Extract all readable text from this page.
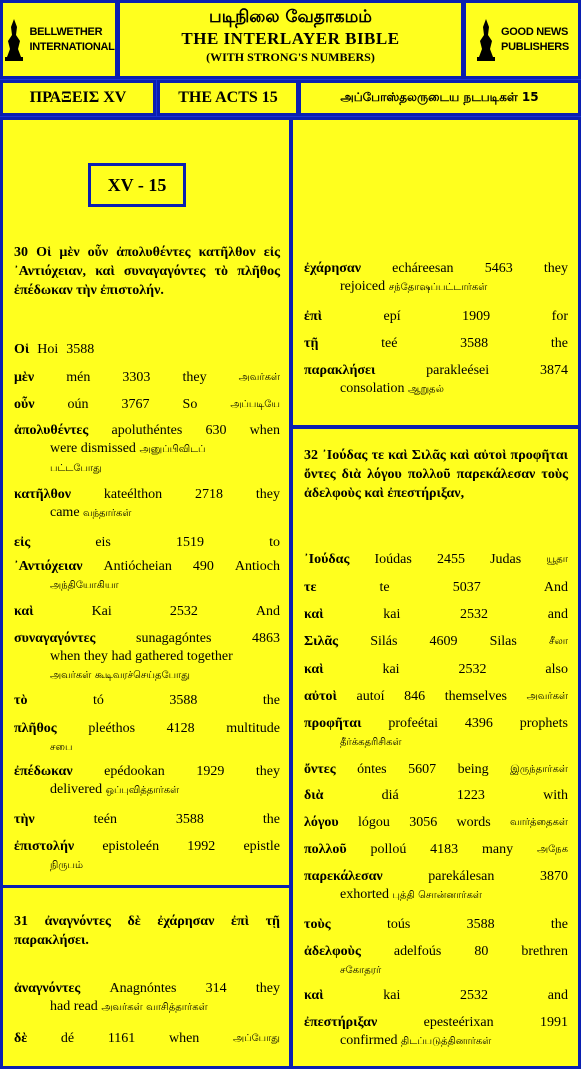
BELLWETHER
INTERNATIONAL
படிநிலை வேதாகமம்
THE INTERLAYER BIBLE
(WITH STRONG'S NUMBERS)
GOOD NEWS
PUBLISHERS
ΠΡΑΞΕΙΣ XV	THE ACTS 15	அப்போஸ்தலருடைய நடபடிகள் 15
XV - 15
30 Οἱ μὲν οὖν ἀπολυθέντες κατῆλθον εἰς ᾿Αντιόχειαν, καὶ συναγαγόντες τὸ πλῆθος ἐπέδωκαν τὴν ἐπιστολήν.
Οἱ Hoi 3588
μὲν mén 3303 they	அவர்கள்
οὖν oún 3767 So	அப்படியே
ἀπολυθέντες apoluthéntes 630 when
were dismissed அனுப்பிவிடப்
பட்டபோது
κατῆλθον kateélthon 2718 they
came வந்தார்கள்
εἰς	eis	1519	to
᾿Αντιόχειαν Antiócheian 490 Antioch
அந்தியோகியா
καὶ	Kai	2532	And
συναγαγόντες	sunagagóntes	4863
when they had gathered together
அவர்கள் கூடிவரச்செய்தபோது
τὸ	tó	3588	the
πλῆθος pleéthos 4128 multitude
சபை
ἐπέδωκαν epédookan 1929 they
delivered ஒப்புவித்தார்கள்
τὴν	teén	3588	the
ἐπιστολήν epistoleén 1992 epistle
நிருபம்
31 ἀναγνόντες δὲ ἐχάρησαν ἐπὶ τῇ παρακλήσει.
ἀναγνόντες Anagnóntes 314 they
had read அவர்கள் வாசித்தார்கள்
δὲ dé 1161 when	அப்போது
ἐχάρησαν echáreesan 5463 they
rejoiced சந்தோஷப்பட்டார்கள்
ἐπὶ	epí	1909	for
τῇ	teé	3588	the
παρακλήσει	parakleései	3874
consolation ஆறுதல்
32 ᾿Ιούδας τε καὶ Σιλᾶς καὶ αὐτοὶ προφῆται ὄντες διὰ λόγου πολλοῦ παρεκάλεσαν τοὺς ἀδελφοὺς καὶ ἐπεστήριξαν,
᾿Ιούδας Ioúdas 2455 Judas	யூதா
τε	te	5037	And
καὶ	kai	2532	and
Σιλᾶς Silás 4609 Silas	சீலா
καὶ	kai	2532	also
αὐτοὶ autoí 846 themselves அவர்கள்
προφῆται profeétai 4396 prophets
தீர்க்கதரிசிகள்
ὄντες óntes 5607 being இருந்தார்கள்
διὰ	diá	1223	with
λόγου lógou 3056 words வார்த்தைகள்
πολλοῦ polloú 4183 many அநேக
παρεκάλεσαν	parekálesan	3870
exhorted புத்தி சொன்னார்கள்
τοὺς	toús	3588	the
ἀδελφοὺς adelfoús 80 brethren
சகோதரர்
καὶ	kai	2532	and
ἐπεστήριξαν	epesteérixan	1991
confirmed திடப்படுத்தினார்கள்
